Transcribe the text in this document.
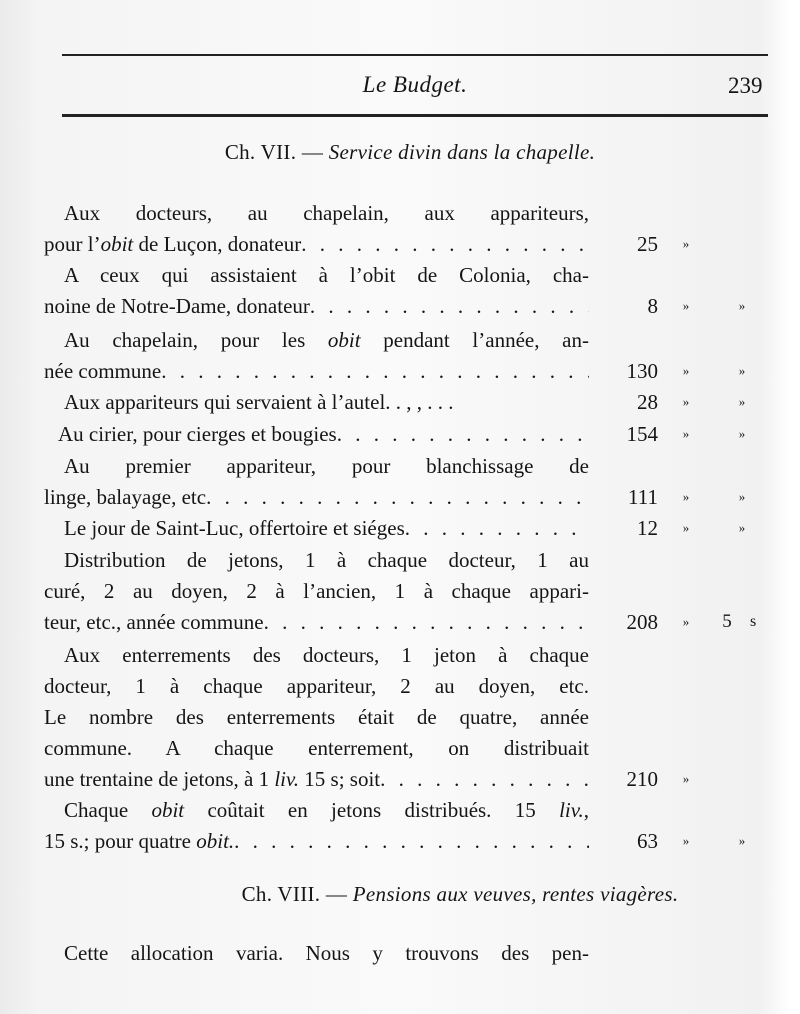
Le Budget.	239
Ch. VII. — Service divin dans la chapelle.
Aux docteurs, au chapelain, aux appariteurs,
pour l’obit de Luçon, donateur . . .	25	»
A ceux qui assistaient à l’obit de Colonia, cha-
noine de Notre-Dame, donateur . . .	8	»	»
Au chapelain, pour les obit pendant l’année, an-
née commune . . .	130	»	»
Aux appariteurs qui servaient à l’autel. . , , . . .	28	»	»
Au cirier, pour cierges et bougies . . .	154	»	»
Au premier appariteur, pour blanchissage de
linge, balayage, etc . . .	111	»	»
Le jour de Saint-Luc, offertoire et siéges . . .	12	»	»
Distribution de jetons, 1 à chaque docteur, 1 au
curé, 2 au doyen, 2 à l’ancien, 1 à chaque appari-
teur, etc., année commune . . .	208	»	5 s
Aux enterrements des docteurs, 1 jeton à chaque
docteur, 1 à chaque appariteur, 2 au doyen, etc.
Le nombre des enterrements était de quatre, année
commune. A chaque enterrement, on distribuait
une trentaine de jetons, à 1 liv. 15 s; soit . . .	210	»
Chaque obit coûtait en jetons distribués. 15 liv.,
15 s.; pour quatre obit. . . .	63	»	»
Ch. VIII. — Pensions aux veuves, rentes viagères.
Cette allocation varia. Nous y trouvons des pen-
